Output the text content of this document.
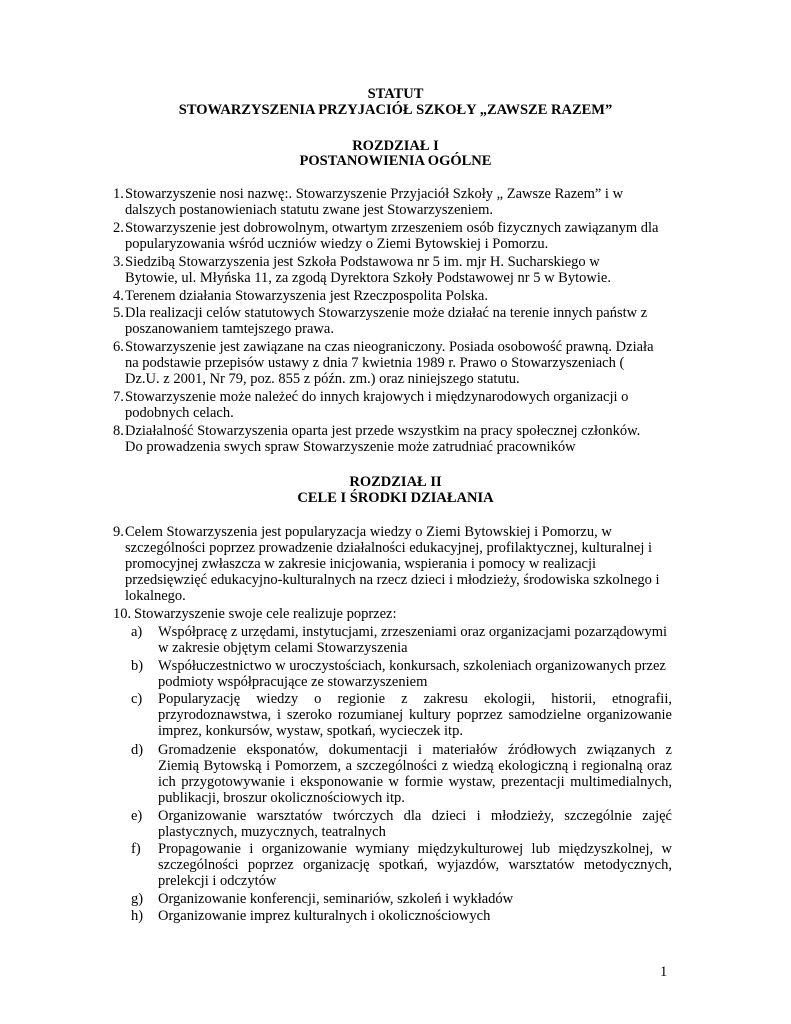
STATUT
STOWARZYSZENIA PRZYJACIÓŁ SZKOŁY „ZAWSZE RAZEM”
ROZDZIAŁ I
POSTANOWIENIA OGÓLNE
1. Stowarzyszenie nosi nazwę:. Stowarzyszenie Przyjaciół Szkoły „ Zawsze Razem” i w
dalszych postanowieniach statutu zwane jest Stowarzyszeniem.
2. Stowarzyszenie jest dobrowolnym, otwartym zrzeszeniem osób fizycznych zawiązanym dla
popularyzowania wśród uczniów wiedzy o Ziemi Bytowskiej i Pomorzu.
3. Siedzibą Stowarzyszenia jest Szkoła Podstawowa nr 5 im. mjr H. Sucharskiego w
Bytowie, ul. Młyńska 11, za zgodą Dyrektora Szkoły Podstawowej nr 5 w Bytowie.
4. Terenem działania Stowarzyszenia jest Rzeczpospolita Polska.
5. Dla realizacji celów statutowych Stowarzyszenie może działać na terenie innych państw z
poszanowaniem tamtejszego prawa.
6. Stowarzyszenie jest zawiązane na czas nieograniczony. Posiada osobowość prawną. Działa
na podstawie przepisów ustawy z dnia 7 kwietnia 1989 r. Prawo o Stowarzyszeniach (
Dz.U. z 2001, Nr 79, poz. 855 z późn. zm.) oraz niniejszego statutu.
7. Stowarzyszenie może należeć do innych krajowych i międzynarodowych organizacji o
podobnych celach.
8. Działalność Stowarzyszenia oparta jest przede wszystkim na pracy społecznej członków.
Do prowadzenia swych spraw Stowarzyszenie może zatrudniać pracowników
ROZDZIAŁ II
CELE I ŚRODKI DZIAŁANIA
9. Celem Stowarzyszenia jest popularyzacja wiedzy o Ziemi Bytowskiej i Pomorzu, w
szczególności poprzez prowadzenie działalności edukacyjnej, profilaktycznej, kulturalnej i
promocyjnej zwłaszcza w zakresie inicjowania, wspierania i pomocy w realizacji
przedsięwzięć edukacyjno-kulturalnych na rzecz dzieci i młodzieży, środowiska szkolnego i
lokalnego.
10. Stowarzyszenie swoje cele realizuje poprzez:
a) Współpracę z urzędami, instytucjami, zrzeszeniami oraz organizacjami pozarządowymi
w zakresie objętym celami Stowarzyszenia
b) Współuczestnictwo w uroczystościach, konkursach, szkoleniach organizowanych przez
podmioty współpracujące ze stowarzyszeniem
c) Popularyzację wiedzy o regionie z zakresu ekologii, historii, etnografii,
przyrodoznawstwa, i szeroko rozumianej kultury poprzez samodzielne organizowanie
imprez, konkursów, wystaw, spotkań, wycieczek itp.
d) Gromadzenie eksponatów, dokumentacji i materiałów źródłowych związanych z
Ziemią Bytowską i Pomorzem, a szczególności z wiedzą ekologiczną i regionalną oraz
ich przygotowywanie i eksponowanie w formie wystaw, prezentacji multimedialnych,
publikacji, broszur okolicznościowych itp.
e) Organizowanie warsztatów twórczych dla dzieci i młodzieży, szczególnie zajęć
plastycznych, muzycznych, teatralnych
f) Propagowanie i organizowanie wymiany międzykulturowej lub międzyszkolnej, w
szczególności poprzez organizację spotkań, wyjazdów, warsztatów metodycznych,
prelekcji i odczytów
g) Organizowanie konferencji, seminariów, szkoleń i wykładów
h) Organizowanie imprez kulturalnych i okolicznościowych
1
